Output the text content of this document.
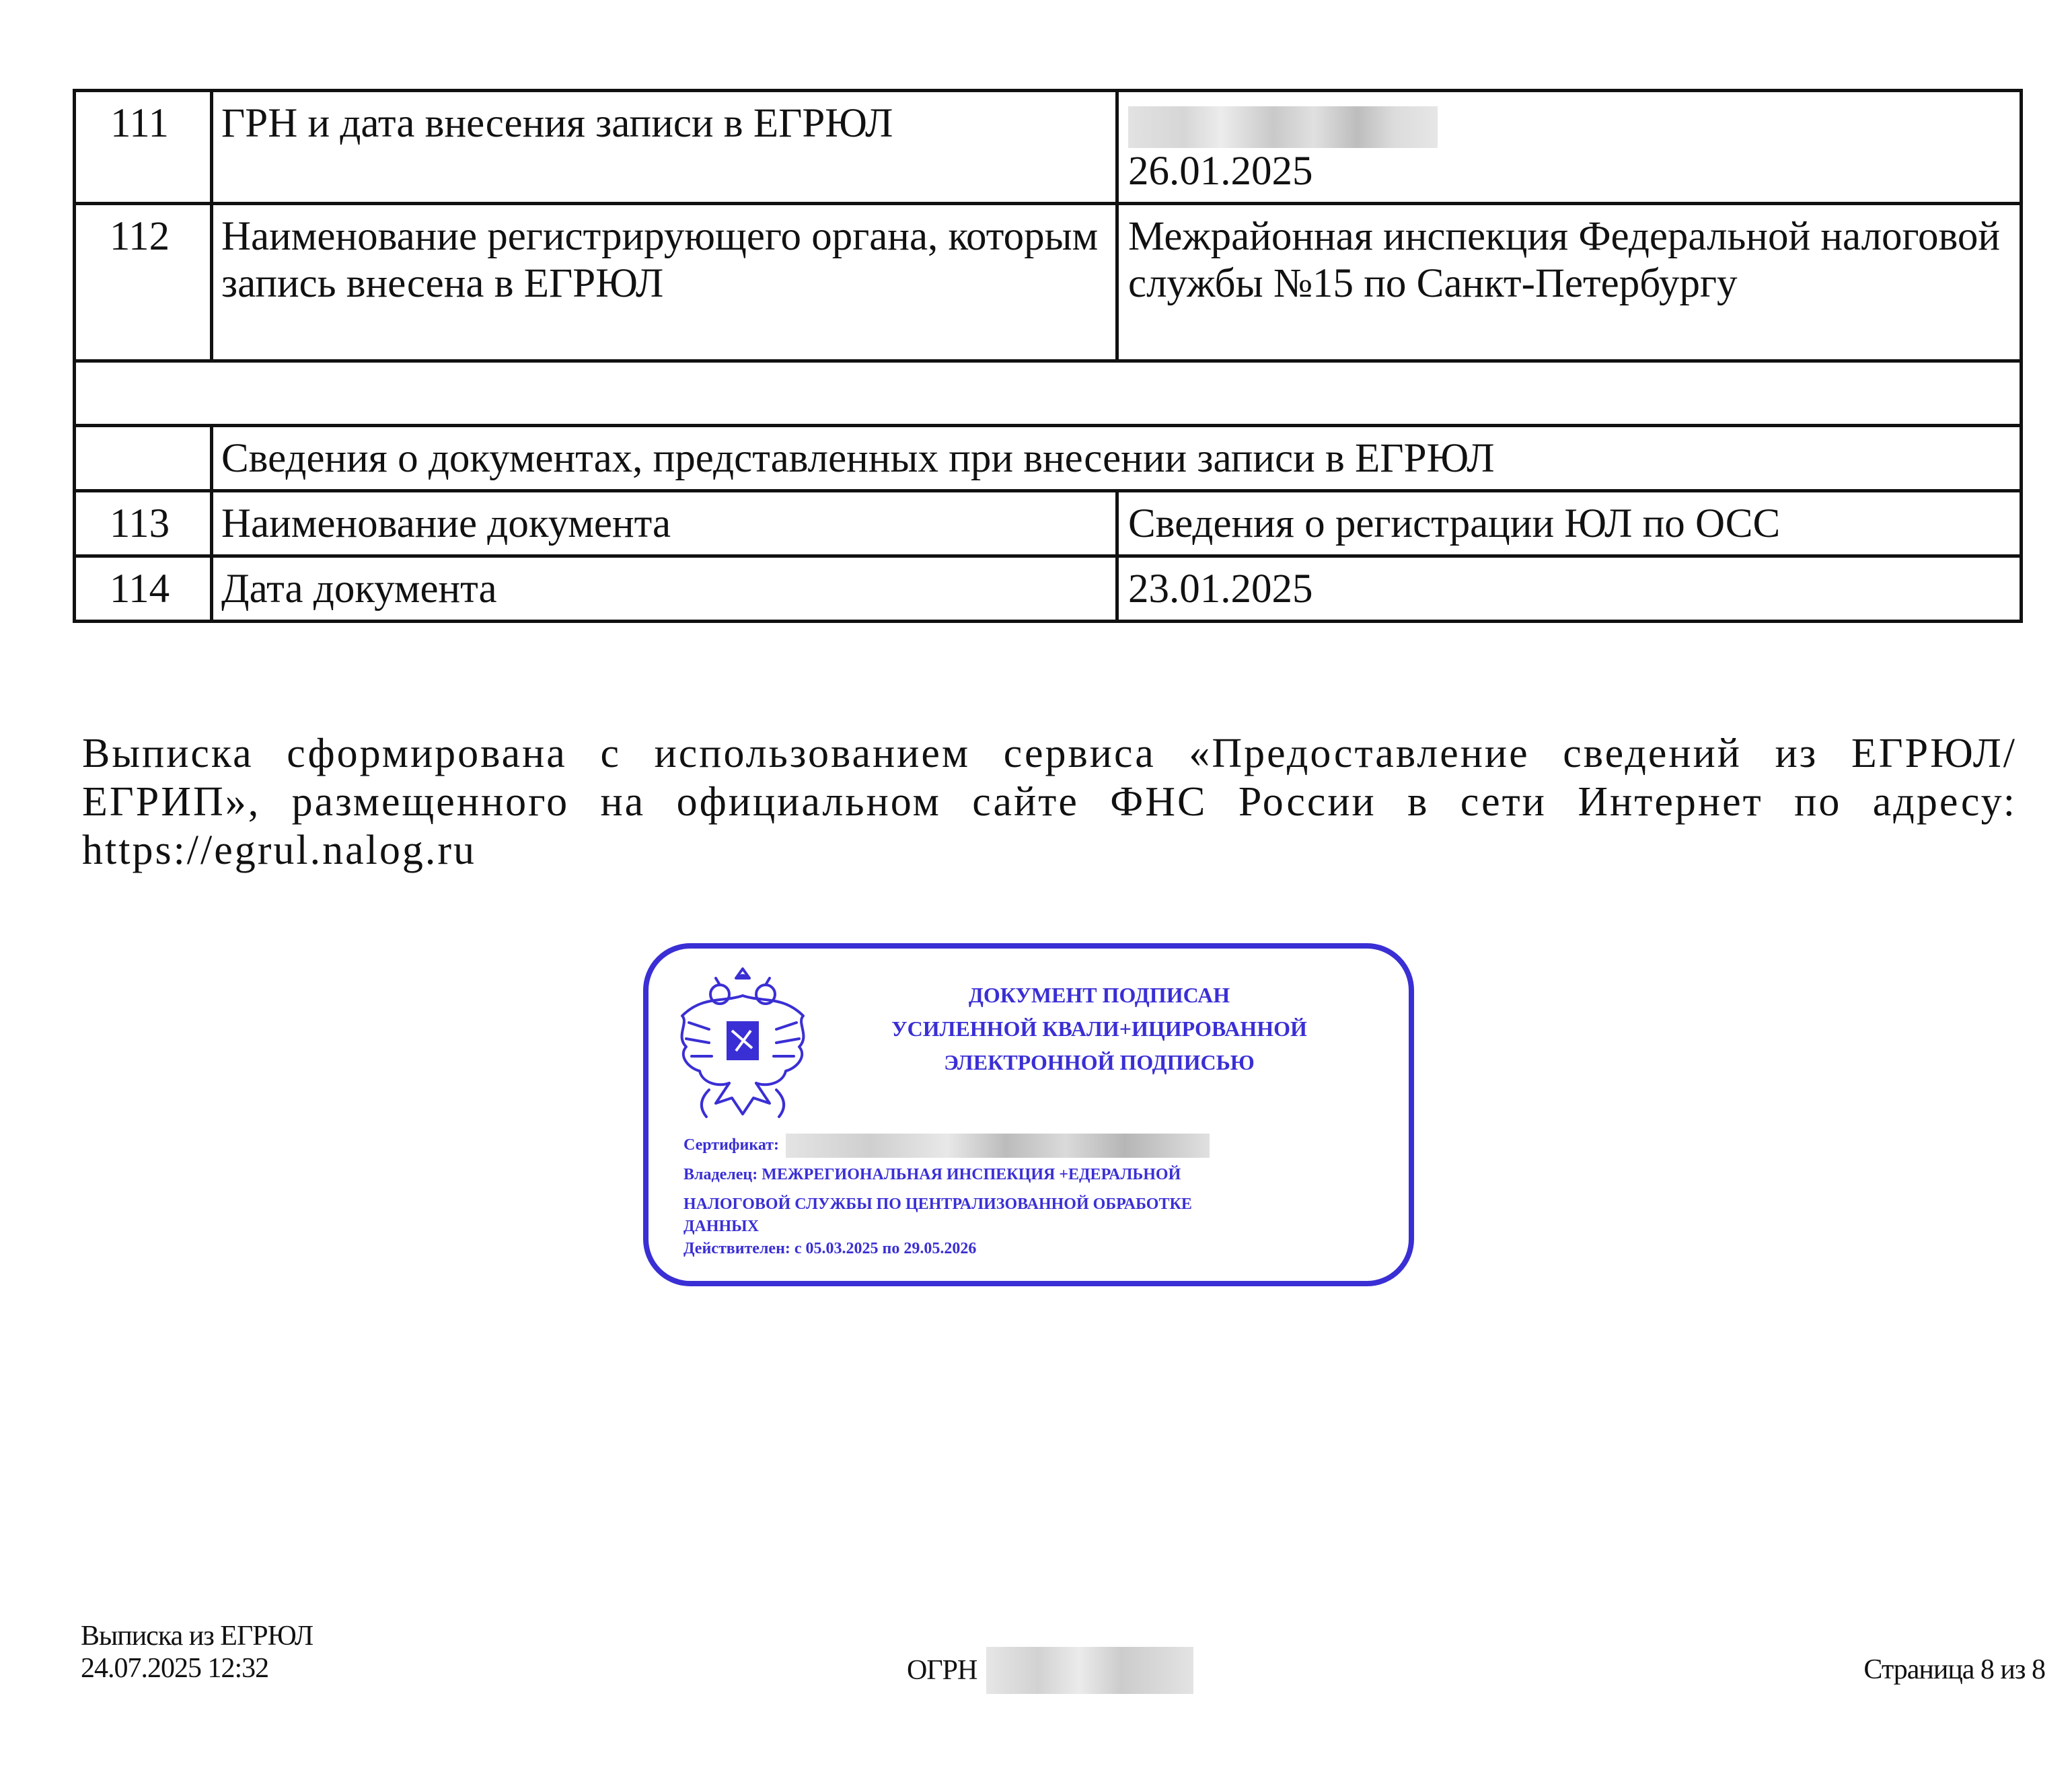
111	ГРН и дата внесения записи в ЕГРЮЛ	26.01.2025
112	Наименование регистрирующего органа, которым запись внесена в ЕГРЮЛ	Межрайонная инспекция Федеральной налоговой службы №15 по Санкт-Петербургу

	Сведения о документах, представленных при внесении записи в ЕГРЮЛ	
113	Наименование документа	Сведения о регистрации ЮЛ по ОСС
114	Дата документа	23.01.2025
Выписка сформирована с использованием сервиса «Предоставление сведений из ЕГРЮЛ/ЕГРИП», размещенного на официальном сайте ФНС России в сети Интернет по адресу: https://egrul.nalog.ru
ДОКУМЕНТ ПОДПИСАН
УСИЛЕННОЙ КВАЛИ+ИЦИРОВАННОЙ
ЭЛЕКТРОННОЙ ПОДПИСЬЮ
Сертификат:
Владелец: МЕЖРЕГИОНАЛЬНАЯ ИНСПЕКЦИЯ +ЕДЕРАЛЬНОЙ
НАЛОГОВОЙ СЛУЖБЫ ПО ЦЕНТРАЛИЗОВАННОЙ ОБРАБОТКЕ
ДАННЫХ
Действителен: с 05.03.2025 по 29.05.2026
Выписка из ЕГРЮЛ
24.07.2025 12:32	ОГРН	Страница 8 из 8
